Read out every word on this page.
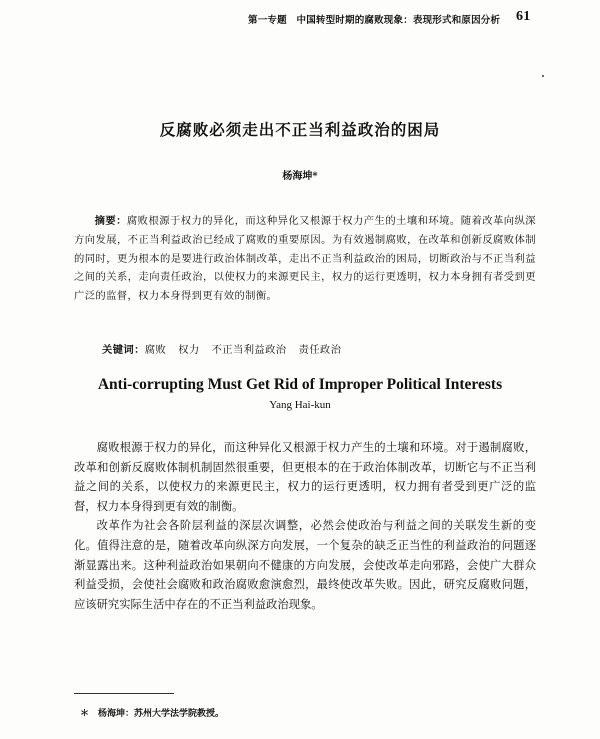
第一专题　中国转型时期的腐败现象：表现形式和原因分析 61
反腐败必须走出不正当利益政治的困局
杨海坤*
摘要：腐败根源于权力的异化，而这种异化又根源于权力产生的土壤和环境。随着改革向纵深方向发展，不正当利益政治已经成了腐败的重要原因。为有效遏制腐败，在改革和创新反腐败体制的同时，更为根本的是要进行政治体制改革，走出不正当利益政治的困局，切断政治与不正当利益之间的关系，走向责任政治，以使权力的来源更民主，权力的运行更透明，权力本身拥有者受到更广泛的监督，权力本身得到更有效的制衡。
关键词：腐败 权力 不正当利益政治 责任政治
Anti-corrupting Must Get Rid of Improper Political Interests
Yang Hai-kun

腐败根源于权力的异化，而这种异化又根源于权力产生的土壤和环境。对于遏制腐败，改革和创新反腐败体制机制固然很重要，但更根本的在于政治体制改革，切断它与不正当利益之间的关系，以使权力的来源更民主，权力的运行更透明，权力拥有者受到更广泛的监督，权力本身得到更有效的制衡。

改革作为社会各阶层利益的深层次调整，必然会使政治与利益之间的关联发生新的变化。值得注意的是，随着改革向纵深方向发展，一个复杂的缺乏正当性的利益政治的问题逐渐显露出来。这种利益政治如果朝向不健康的方向发展，会使改革走向邪路，会使广大群众利益受损，会使社会腐败和政治腐败愈演愈烈，最终使改革失败。因此，研究反腐败问题，应该研究实际生活中存在的不正当利益政治现象。

＊　杨海坤：苏州大学法学院教授。
